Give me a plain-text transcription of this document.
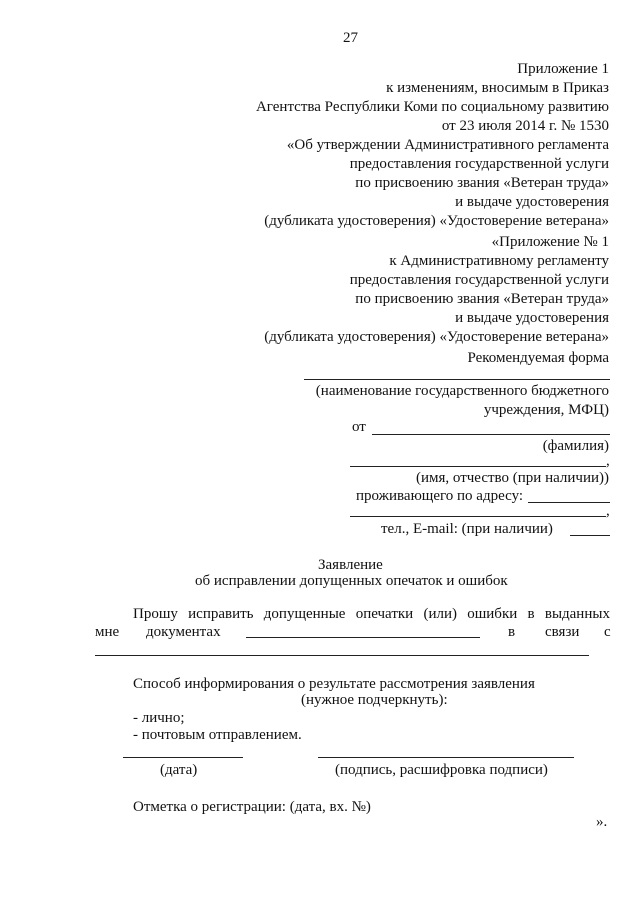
27
Приложение 1
к изменениям, вносимым в Приказ
Агентства Республики Коми по социальному развитию
от 23 июля 2014 г. № 1530
«Об утверждении Административного регламента
предоставления государственной услуги
по присвоению звания «Ветеран труда»
и выдаче удостоверения
(дубликата удостоверения) «Удостоверение ветерана»
«Приложение № 1
к Административному регламенту
предоставления государственной услуги
по присвоению звания «Ветеран труда»
и выдаче удостоверения
(дубликата удостоверения) «Удостоверение ветерана»
Рекомендуемая форма
(наименование государственного бюджетного
учреждения, МФЦ)
от
(фамилия)
,
(имя, отчество (при наличии))
проживающего по адресу:
,
тел., E-mail: (при наличии)
Заявление
об исправлении допущенных опечаток и ошибок
Прошу исправить допущенные опечатки (или) ошибки в выданных
мне документах	в связи с
Способ информирования о результате рассмотрения заявления
(нужное подчеркнуть):
- лично;
- почтовым отправлением.
(дата)	(подпись, расшифровка подписи)
Отметка о регистрации: (дата, вх. №)
».
